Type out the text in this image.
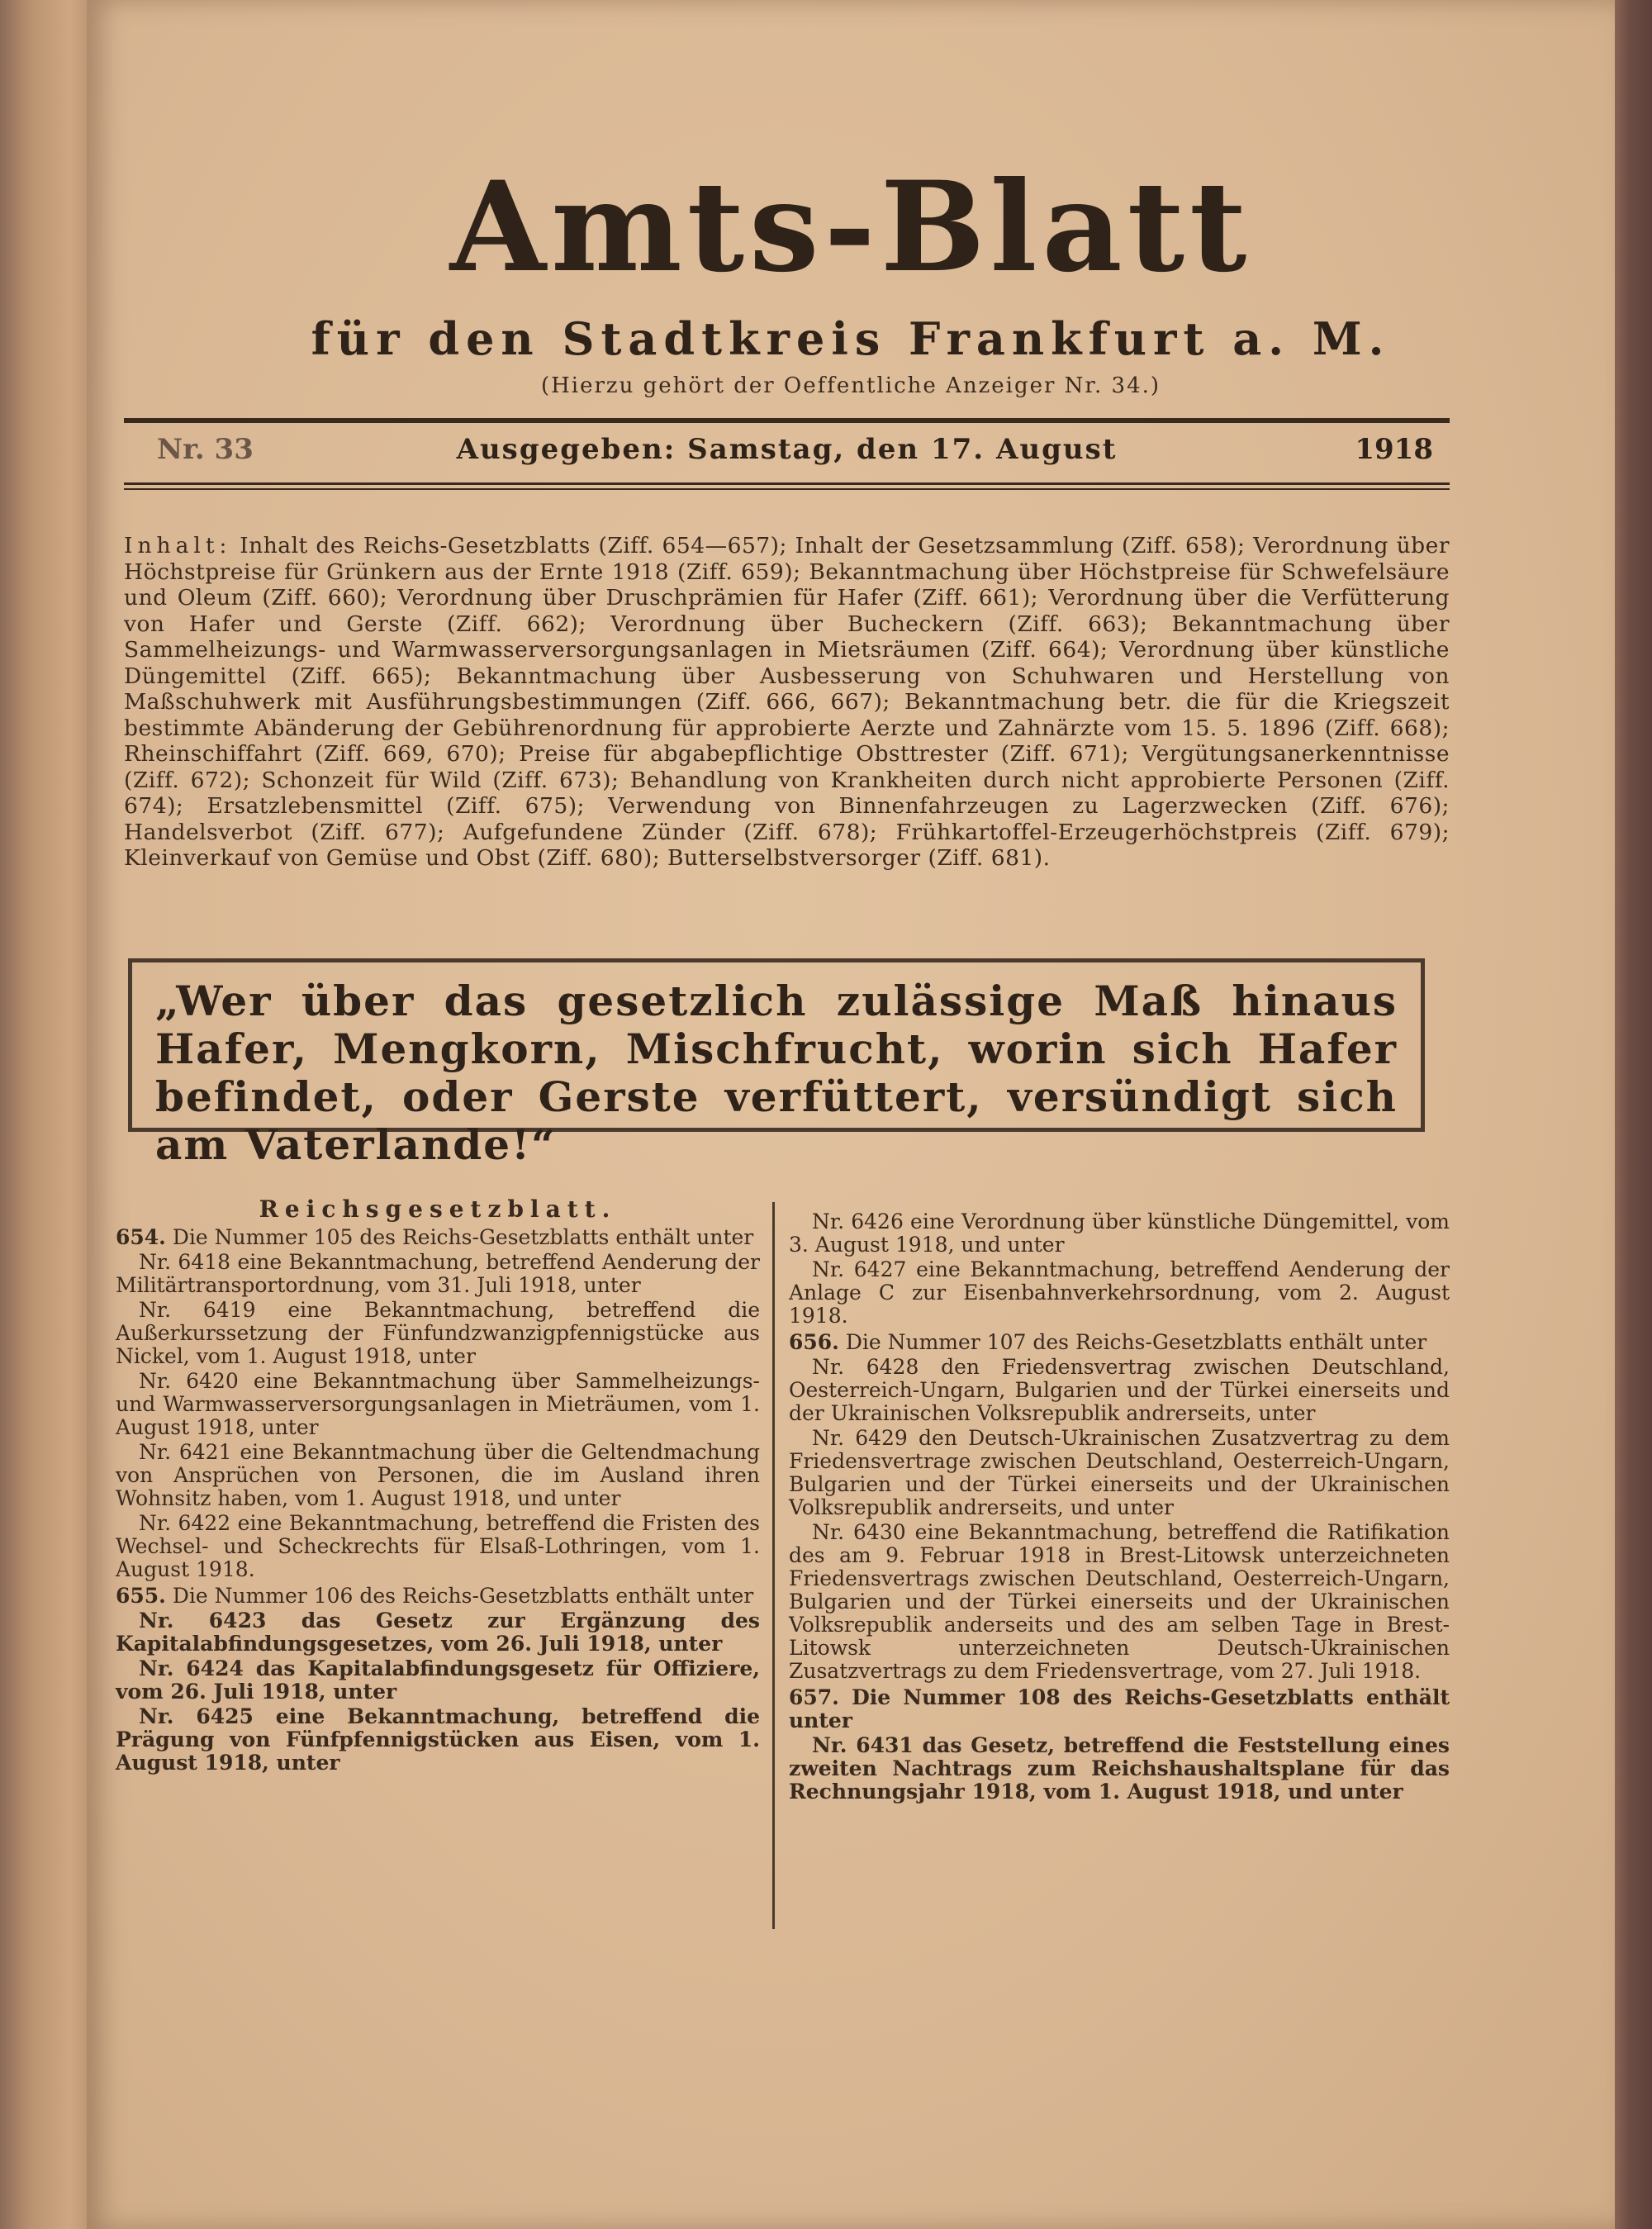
Amts-Blatt
für den Stadtkreis Frankfurt a. M.
(Hierzu gehört der Oeffentliche Anzeiger Nr. 34.)
Nr. 33	Ausgegeben: Samstag, den 17. August	1918
Inhalt: Inhalt des Reichs-Gesetzblatts (Ziff. 654—657); Inhalt der Gesetzsammlung (Ziff. 658); Verordnung über Höchstpreise für Grünkern aus der Ernte 1918 (Ziff. 659); Bekanntmachung über Höchstpreise für Schwefelsäure und Oleum (Ziff. 660); Verordnung über Druschprämien für Hafer (Ziff. 661); Verordnung über die Verfütterung von Hafer und Gerste (Ziff. 662); Verordnung über Bucheckern (Ziff. 663); Bekanntmachung über Sammelheizungs- und Warmwasserversorgungsanlagen in Mietsräumen (Ziff. 664); Verordnung über künstliche Düngemittel (Ziff. 665); Bekanntmachung über Ausbesserung von Schuhwaren und Herstellung von Maßschuhwerk mit Ausführungsbestimmungen (Ziff. 666, 667); Bekanntmachung betr. die für die Kriegszeit bestimmte Abänderung der Gebührenordnung für approbierte Aerzte und Zahnärzte vom 15. 5. 1896 (Ziff. 668); Rheinschiffahrt (Ziff. 669, 670); Preise für abgabepflichtige Obsttrester (Ziff. 671); Vergütungsanerkenntnisse (Ziff. 672); Schonzeit für Wild (Ziff. 673); Behandlung von Krankheiten durch nicht approbierte Personen (Ziff. 674); Ersatzlebensmittel (Ziff. 675); Verwendung von Binnenfahrzeugen zu Lagerzwecken (Ziff. 676); Handelsverbot (Ziff. 677); Aufgefundene Zünder (Ziff. 678); Frühkartoffel-Erzeugerhöchstpreis (Ziff. 679); Kleinverkauf von Gemüse und Obst (Ziff. 680); Butterselbstversorger (Ziff. 681).
„Wer über das gesetzlich zulässige Maß hinaus Hafer, Mengkorn, Mischfrucht, worin sich Hafer befindet, oder Gerste verfüttert, versündigt sich am Vaterlande!“
Reichsgesetzblatt.
654. Die Nummer 105 des Reichs-Gesetzblatts enthält unter
Nr. 6418 eine Bekanntmachung, betreffend Aenderung der Militärtransportordnung, vom 31. Juli 1918, unter
Nr. 6419 eine Bekanntmachung, betreffend die Außerkurssetzung der Fünfundzwanzigpfennigstücke aus Nickel, vom 1. August 1918, unter
Nr. 6420 eine Bekanntmachung über Sammelheizungs- und Warmwasserversorgungsanlagen in Mieträumen, vom 1. August 1918, unter
Nr. 6421 eine Bekanntmachung über die Geltendmachung von Ansprüchen von Personen, die im Ausland ihren Wohnsitz haben, vom 1. August 1918, und unter
Nr. 6422 eine Bekanntmachung, betreffend die Fristen des Wechsel- und Scheckrechts für Elsaß-Lothringen, vom 1. August 1918.
655. Die Nummer 106 des Reichs-Gesetzblatts enthält unter
Nr. 6423 das Gesetz zur Ergänzung des Kapitalabfindungsgesetzes, vom 26. Juli 1918, unter
Nr. 6424 das Kapitalabfindungsgesetz für Offiziere, vom 26. Juli 1918, unter
Nr. 6425 eine Bekanntmachung, betreffend die Prägung von Fünfpfennigstücken aus Eisen, vom 1. August 1918, unter
Nr. 6426 eine Verordnung über künstliche Düngemittel, vom 3. August 1918, und unter
Nr. 6427 eine Bekanntmachung, betreffend Aenderung der Anlage C zur Eisenbahnverkehrsordnung, vom 2. August 1918.
656. Die Nummer 107 des Reichs-Gesetzblatts enthält unter
Nr. 6428 den Friedensvertrag zwischen Deutschland, Oesterreich-Ungarn, Bulgarien und der Türkei einerseits und der Ukrainischen Volksrepublik andrerseits, unter
Nr. 6429 den Deutsch-Ukrainischen Zusatzvertrag zu dem Friedensvertrage zwischen Deutschland, Oesterreich-Ungarn, Bulgarien und der Türkei einerseits und der Ukrainischen Volksrepublik andrerseits, und unter
Nr. 6430 eine Bekanntmachung, betreffend die Ratifikation des am 9. Februar 1918 in Brest-Litowsk unterzeichneten Friedensvertrags zwischen Deutschland, Oesterreich-Ungarn, Bulgarien und der Türkei einerseits und der Ukrainischen Volksrepublik anderseits und des am selben Tage in Brest-Litowsk unterzeichneten Deutsch-Ukrainischen Zusatzvertrags zu dem Friedensvertrage, vom 27. Juli 1918.
657. Die Nummer 108 des Reichs-Gesetzblatts enthält unter
Nr. 6431 das Gesetz, betreffend die Feststellung eines zweiten Nachtrags zum Reichshaushaltsplane für das Rechnungsjahr 1918, vom 1. August 1918, und unter
